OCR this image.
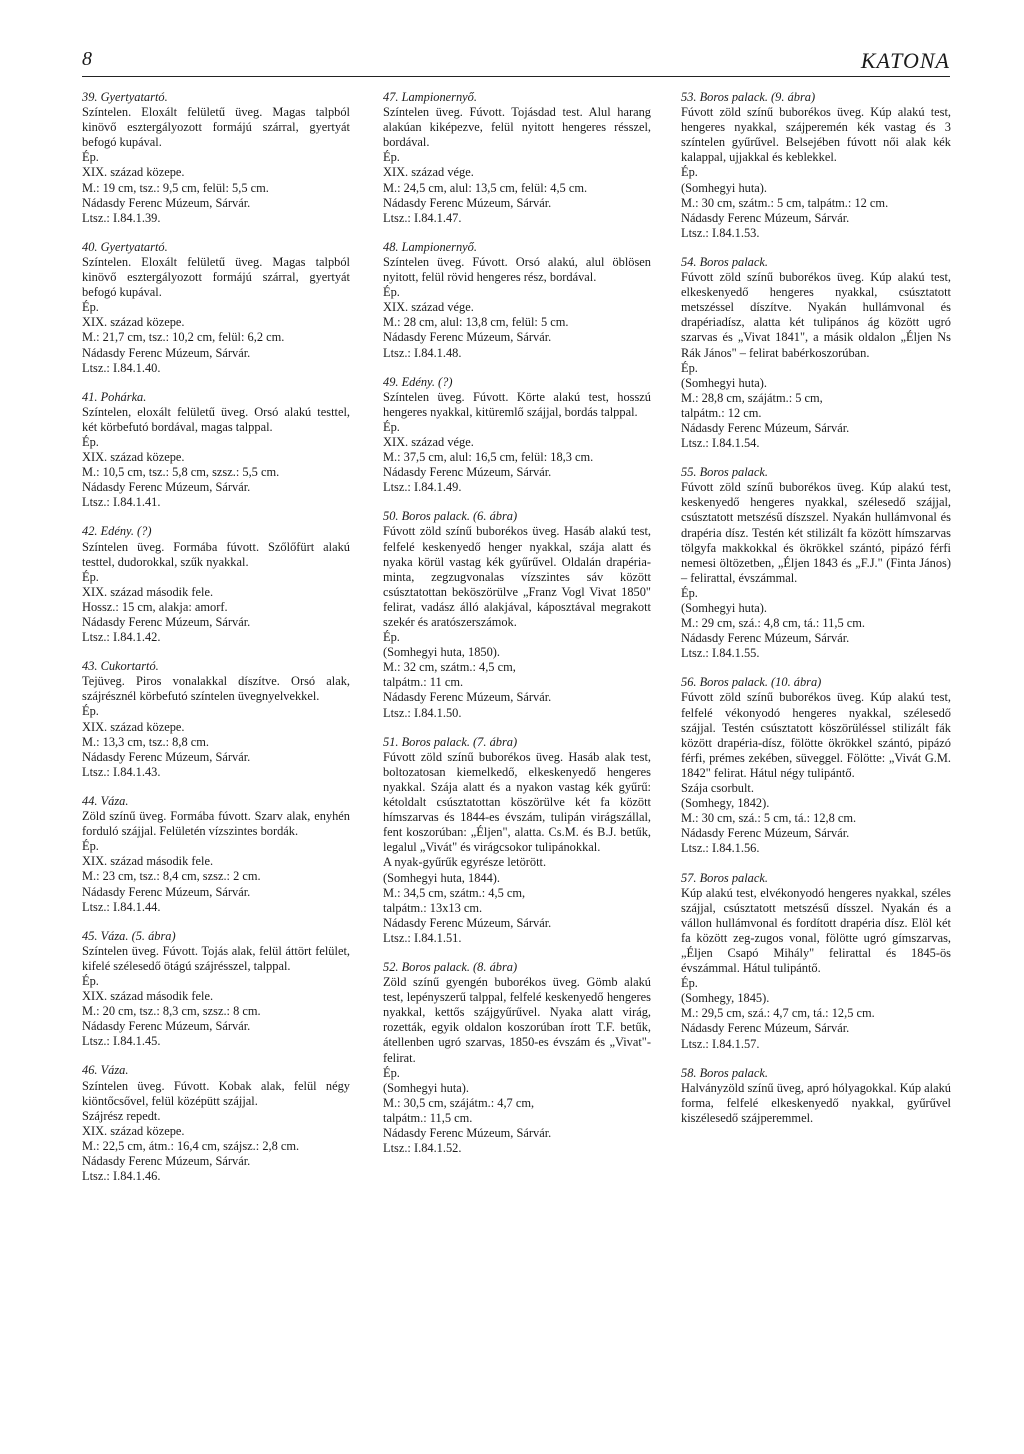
8	KATONA
39. Gyertyatartó.
Színtelen. Eloxált felületű üveg. Magas talpból kinövő esztergályozott formájú szárral, gyertyát befogó kupával.
Ép.
XIX. század közepe.
M.: 19 cm, tsz.: 9,5 cm, felül: 5,5 cm.
Nádasdy Ferenc Múzeum, Sárvár.
Ltsz.: I.84.1.39.
40. Gyertyatartó.
Színtelen. Eloxált felületű üveg. Magas talpból kinövő esztergályozott formájú szárral, gyertyát befogó kupával.
Ép.
XIX. század közepe.
M.: 21,7 cm, tsz.: 10,2 cm, felül: 6,2 cm.
Nádasdy Ferenc Múzeum, Sárvár.
Ltsz.: I.84.1.40.
41. Pohárka.
Színtelen, eloxált felületű üveg. Orsó alakú testtel, két körbefutó bordával, magas talppal.
Ép.
XIX. század közepe.
M.: 10,5 cm, tsz.: 5,8 cm, szsz.: 5,5 cm.
Nádasdy Ferenc Múzeum, Sárvár.
Ltsz.: I.84.1.41.
42. Edény. (?)
Színtelen üveg. Formába fúvott. Szőlőfürt alakú testtel, dudorokkal, szűk nyakkal.
Ép.
XIX. század második fele.
Hossz.: 15 cm, alakja: amorf.
Nádasdy Ferenc Múzeum, Sárvár.
Ltsz.: I.84.1.42.
43. Cukortartó.
Tejüveg. Piros vonalakkal díszítve. Orsó alak, szájrésznél körbefutó színtelen üvegnyelvekkel.
Ép.
XIX. század közepe.
M.: 13,3 cm, tsz.: 8,8 cm.
Nádasdy Ferenc Múzeum, Sárvár.
Ltsz.: I.84.1.43.
44. Váza.
Zöld színű üveg. Formába fúvott. Szarv alak, enyhén forduló szájjal. Felületén vízszintes bordák.
Ép.
XIX. század második fele.
M.: 23 cm, tsz.: 8,4 cm, szsz.: 2 cm.
Nádasdy Ferenc Múzeum, Sárvár.
Ltsz.: I.84.1.44.
45. Váza. (5. ábra)
Színtelen üveg. Fúvott. Tojás alak, felül áttört felület, kifelé szélesedő ötágú szájrésszel, talppal.
Ép.
XIX. század második fele.
M.: 20 cm, tsz.: 8,3 cm, szsz.: 8 cm.
Nádasdy Ferenc Múzeum, Sárvár.
Ltsz.: I.84.1.45.
46. Váza.
Színtelen üveg. Fúvott. Kobak alak, felül négy kiöntőcsővel, felül középütt szájjal.
Szájrész repedt.
XIX. század közepe.
M.: 22,5 cm, átm.: 16,4 cm, szájsz.: 2,8 cm.
Nádasdy Ferenc Múzeum, Sárvár.
Ltsz.: I.84.1.46.
47. Lampionernyő.
Színtelen üveg. Fúvott. Tojásdad test. Alul harang alakúan kiképezve, felül nyitott hengeres résszel, bordával.
Ép.
XIX. század vége.
M.: 24,5 cm, alul: 13,5 cm, felül: 4,5 cm.
Nádasdy Ferenc Múzeum, Sárvár.
Ltsz.: I.84.1.47.
48. Lampionernyő.
Színtelen üveg. Fúvott. Orsó alakú, alul öblösen nyitott, felül rövid hengeres rész, bordával.
Ép.
XIX. század vége.
M.: 28 cm, alul: 13,8 cm, felül: 5 cm.
Nádasdy Ferenc Múzeum, Sárvár.
Ltsz.: I.84.1.48.
49. Edény. (?)
Színtelen üveg. Fúvott. Körte alakú test, hosszú hengeres nyakkal, kitüremlő szájjal, bordás talppal.
Ép.
XIX. század vége.
M.: 37,5 cm, alul: 16,5 cm, felül: 18,3 cm.
Nádasdy Ferenc Múzeum, Sárvár.
Ltsz.: I.84.1.49.
50. Boros palack. (6. ábra)
Fúvott zöld színű buborékos üveg. Hasáb alakú test, felfelé keskenyedő henger nyakkal, szája alatt és nyaka körül vastag kék gyűrűvel. Oldalán drapéria-minta, zegzugvonalas vízszintes sáv között csúsztatottan beköszörülve „Franz Vogl Vivat 1850" felirat, vadász álló alakjával, káposztával megrakott szekér és aratószerszámok.
Ép.
(Somhegyi huta, 1850).
M.: 32 cm, szátm.: 4,5 cm,
talpátm.: 11 cm.
Nádasdy Ferenc Múzeum, Sárvár.
Ltsz.: I.84.1.50.
51. Boros palack. (7. ábra)
Fúvott zöld színű buborékos üveg. Hasáb alak test, boltozatosan kiemelkedő, elkeskenyedő hengeres nyakkal. Szája alatt és a nyakon vastag kék gyűrű: kétoldalt csúsztatottan köszörülve két fa között hímszarvas és 1844-es évszám, tulipán virágszállal, fent koszorúban: „Éljen", alatta. Cs.M. és B.J. betűk, legalul „Vivát" és virágcsokor tulipánokkal.
A nyak-gyűrűk egyrésze letörött.
(Somhegyi huta, 1844).
M.: 34,5 cm, szátm.: 4,5 cm,
talpátm.: 13x13 cm.
Nádasdy Ferenc Múzeum, Sárvár.
Ltsz.: I.84.1.51.
52. Boros palack. (8. ábra)
Zöld színű gyengén buborékos üveg. Gömb alakú test, lepényszerű talppal, felfelé keskenyedő hengeres nyakkal, kettős szájgyűrűvel. Nyaka alatt virág, rozetták, egyik oldalon koszorúban írott T.F. betűk, átellenben ugró szarvas, 1850-es évszám és „Vivat"-felirat.
Ép.
(Somhegyi huta).
M.: 30,5 cm, szájátm.: 4,7 cm,
talpátm.: 11,5 cm.
Nádasdy Ferenc Múzeum, Sárvár.
Ltsz.: I.84.1.52.
53. Boros palack. (9. ábra)
Fúvott zöld színű buborékos üveg. Kúp alakú test, hengeres nyakkal, szájperemén kék vastag és 3 színtelen gyűrűvel. Belsejében fúvott női alak kék kalappal, ujjakkal és keblekkel.
Ép.
(Somhegyi huta).
M.: 30 cm, szátm.: 5 cm, talpátm.: 12 cm.
Nádasdy Ferenc Múzeum, Sárvár.
Ltsz.: I.84.1.53.
54. Boros palack.
Fúvott zöld színű buborékos üveg. Kúp alakú test, elkeskenyedő hengeres nyakkal, csúsztatott metszéssel díszítve. Nyakán hullámvonal és drapériadísz, alatta két tulipános ág között ugró szarvas és „Vivat 1841", a másik oldalon „Éljen Ns Rák János" – felirat babérkoszorúban.
Ép.
(Somhegyi huta).
M.: 28,8 cm, szájátm.: 5 cm,
talpátm.: 12 cm.
Nádasdy Ferenc Múzeum, Sárvár.
Ltsz.: I.84.1.54.
55. Boros palack.
Fúvott zöld színű buborékos üveg. Kúp alakú test, keskenyedő hengeres nyakkal, szélesedő szájjal, csúsztatott metszésű díszszel. Nyakán hullámvonal és drapéria dísz. Testén két stilizált fa között hímszarvas tölgyfa makkokkal és ökrökkel szántó, pipázó férfi nemesi öltözetben, „Éljen 1843 és „F.J." (Finta János) – felirattal, évszámmal.
Ép.
(Somhegyi huta).
M.: 29 cm, szá.: 4,8 cm, tá.: 11,5 cm.
Nádasdy Ferenc Múzeum, Sárvár.
Ltsz.: I.84.1.55.
56. Boros palack. (10. ábra)
Fúvott zöld színű buborékos üveg. Kúp alakú test, felfelé vékonyodó hengeres nyakkal, szélesedő szájjal. Testén csúsztatott köszörüléssel stilizált fák között drapéria-dísz, fölötte ökrökkel szántó, pipázó férfi, prémes zekében, süveggel. Fölötte: „Vivát G.M. 1842" felirat. Hátul négy tulipántő.
Szája csorbult.
(Somhegy, 1842).
M.: 30 cm, szá.: 5 cm, tá.: 12,8 cm.
Nádasdy Ferenc Múzeum, Sárvár.
Ltsz.: I.84.1.56.
57. Boros palack.
Kúp alakú test, elvékonyodó hengeres nyakkal, széles szájjal, csúsztatott metszésű dísszel. Nyakán és a vállon hullámvonal és fordított drapéria dísz. Elöl két fa között zeg-zugos vonal, fölötte ugró gímszarvas, „Éljen Csapó Mihály" felirattal és 1845-ös évszámmal. Hátul tulipántő.
Ép.
(Somhegy, 1845).
M.: 29,5 cm, szá.: 4,7 cm, tá.: 12,5 cm.
Nádasdy Ferenc Múzeum, Sárvár.
Ltsz.: I.84.1.57.
58. Boros palack.
Halványzöld színű üveg, apró hólyagokkal. Kúp alakú forma, felfelé elkeskenyedő nyakkal, gyűrűvel kiszélesedő szájperemmel.
